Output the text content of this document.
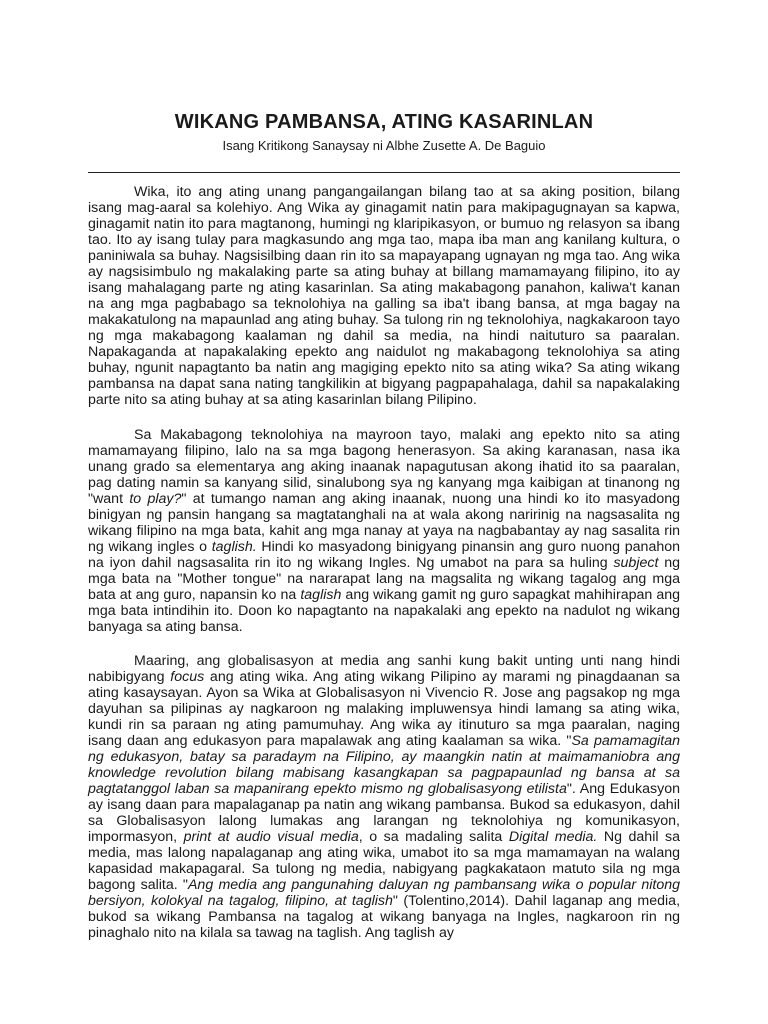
WIKANG PAMBANSA, ATING KASARINLAN
Isang Kritikong Sanaysay ni Albhe Zusette A. De Baguio

Wika, ito ang ating unang pangangailangan bilang tao at sa aking position, bilang isang mag-aaral sa kolehiyo. Ang Wika ay ginagamit natin para makipagugnayan sa kapwa, ginagamit natin ito para magtanong, humingi ng klaripikasyon, or bumuo ng relasyon sa ibang tao. Ito ay isang tulay para magkasundo ang mga tao, mapa iba man ang kanilang kultura, o paniniwala sa buhay. Nagsisilbing daan rin ito sa mapayapang ugnayan ng mga tao. Ang wika ay nagsisimbulo ng makalaking parte sa ating buhay at billang mamamayang filipino, ito ay isang mahalagang parte ng ating kasarinlan. Sa ating makabagong panahon, kaliwa't kanan na ang mga pagbabago sa teknolohiya na galling sa iba't ibang bansa, at mga bagay na makakatulong na mapaunlad ang ating buhay. Sa tulong rin ng teknolohiya, nagkakaroon tayo ng mga makabagong kaalaman ng dahil sa media, na hindi naituturo sa paaralan. Napakaganda at napakalaking epekto ang naidulot ng makabagong teknolohiya sa ating buhay, ngunit napagtanto ba natin ang magiging epekto nito sa ating wika? Sa ating wikang pambansa na dapat sana nating tangkilikin at bigyang pagpapahalaga, dahil sa napakalaking parte nito sa ating buhay at sa ating kasarinlan bilang Pilipino.

Sa Makabagong teknolohiya na mayroon tayo, malaki ang epekto nito sa ating mamamayang filipino, lalo na sa mga bagong henerasyon. Sa aking karanasan, nasa ika unang grado sa elementarya ang aking inaanak napagutusan akong ihatid ito sa paaralan, pag dating namin sa kanyang silid, sinalubong sya ng kanyang mga kaibigan at tinanong ng "want to play?" at tumango naman ang aking inaanak, nuong una hindi ko ito masyadong binigyan ng pansin hangang sa magtatanghali na at wala akong naririnig na nagsasalita ng wikang filipino na mga bata, kahit ang mga nanay at yaya na nagbabantay ay nag sasalita rin ng wikang ingles o taglish. Hindi ko masyadong binigyang pinansin ang guro nuong panahon na iyon dahil nagsasalita rin ito ng wikang Ingles. Ng umabot na para sa huling subject ng mga bata na "Mother tongue" na nararapat lang na magsalita ng wikang tagalog ang mga bata at ang guro, napansin ko na taglish ang wikang gamit ng guro sapagkat mahihirapan ang mga bata intindihin ito. Doon ko napagtanto na napakalaki ang epekto na nadulot ng wikang banyaga sa ating bansa.

Maaring, ang globalisasyon at media ang sanhi kung bakit unting unti nang hindi nabibigyang focus ang ating wika. Ang ating wikang Pilipino ay marami ng pinagdaanan sa ating kasaysayan. Ayon sa Wika at Globalisasyon ni Vivencio R. Jose ang pagsakop ng mga dayuhan sa pilipinas ay nagkaroon ng malaking impluwensya hindi lamang sa ating wika, kundi rin sa paraan ng ating pamumuhay. Ang wika ay itinuturo sa mga paaralan, naging isang daan ang edukasyon para mapalawak ang ating kaalaman sa wika. "Sa pamamagitan ng edukasyon, batay sa paradaym na Filipino, ay maangkin natin at maimamaniobra ang knowledge revolution bilang mabisang kasangkapan sa pagpapaunlad ng bansa at sa pagtatanggol laban sa mapanirang epekto mismo ng globalisasyong etilista". Ang Edukasyon ay isang daan para mapalaganap pa natin ang wikang pambansa. Bukod sa edukasyon, dahil sa Globalisasyon lalong lumakas ang larangan ng teknolohiya ng komunikasyon, impormasyon, print at audio visual media, o sa madaling salita Digital media. Ng dahil sa media, mas lalong napalaganap ang ating wika, umabot ito sa mga mamamayan na walang kapasidad makapagaral. Sa tulong ng media, nabigyang pagkakataon matuto sila ng mga bagong salita. "Ang media ang pangunahing daluyan ng pambansang wika o popular nitong bersiyon, kolokyal na tagalog, filipino, at taglish" (Tolentino,2014). Dahil laganap ang media, bukod sa wikang Pambansa na tagalog at wikang banyaga na Ingles, nagkaroon rin ng pinaghalo nito na kilala sa tawag na taglish. Ang taglish ay
